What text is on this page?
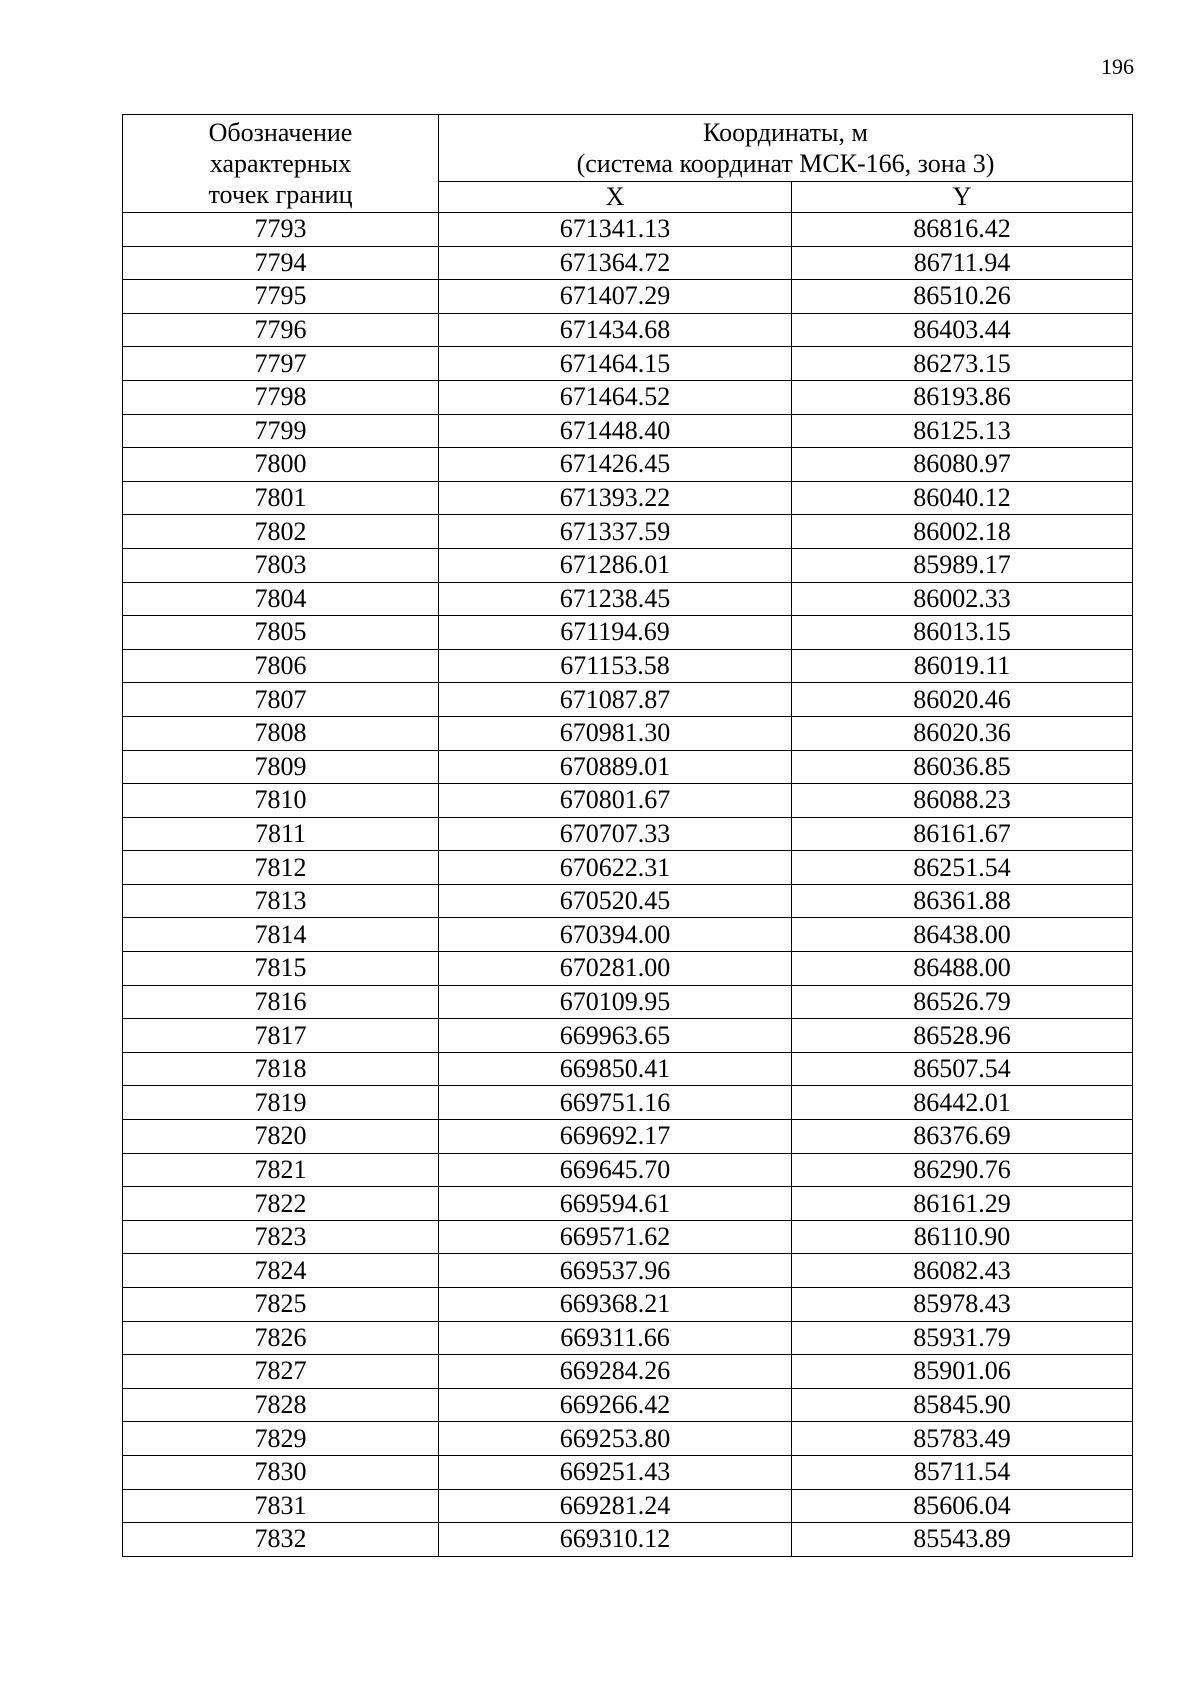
196
Обозначение
характерных
точек границ	Координаты, м
(система координат МСК-166, зона 3)	

	X	Y
7793	671341.13	86816.42
7794	671364.72	86711.94
7795	671407.29	86510.26
7796	671434.68	86403.44
7797	671464.15	86273.15
7798	671464.52	86193.86
7799	671448.40	86125.13
7800	671426.45	86080.97
7801	671393.22	86040.12
7802	671337.59	86002.18
7803	671286.01	85989.17
7804	671238.45	86002.33
7805	671194.69	86013.15
7806	671153.58	86019.11
7807	671087.87	86020.46
7808	670981.30	86020.36
7809	670889.01	86036.85
7810	670801.67	86088.23
7811	670707.33	86161.67
7812	670622.31	86251.54
7813	670520.45	86361.88
7814	670394.00	86438.00
7815	670281.00	86488.00
7816	670109.95	86526.79
7817	669963.65	86528.96
7818	669850.41	86507.54
7819	669751.16	86442.01
7820	669692.17	86376.69
7821	669645.70	86290.76
7822	669594.61	86161.29
7823	669571.62	86110.90
7824	669537.96	86082.43
7825	669368.21	85978.43
7826	669311.66	85931.79
7827	669284.26	85901.06
7828	669266.42	85845.90
7829	669253.80	85783.49
7830	669251.43	85711.54
7831	669281.24	85606.04
7832	669310.12	85543.89
